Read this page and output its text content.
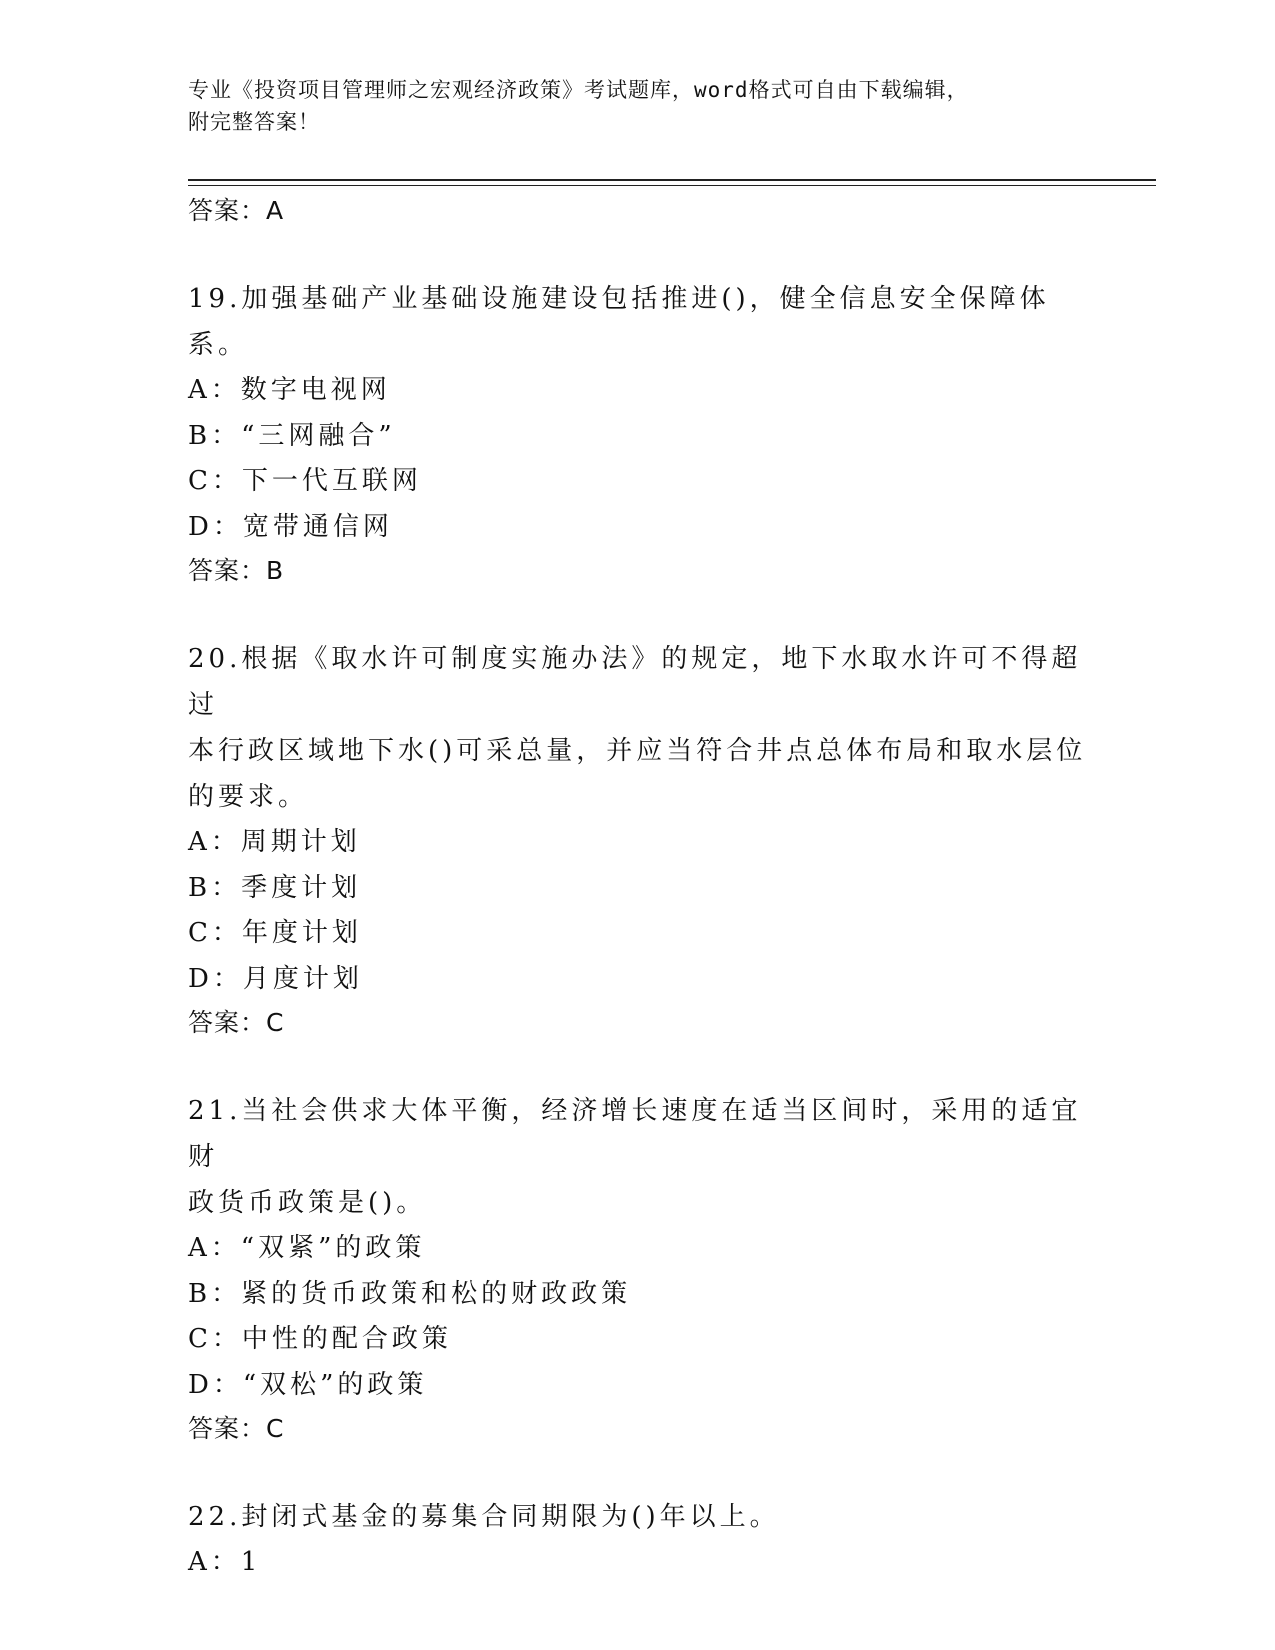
专业《投资项目管理师之宏观经济政策》考试题库，word格式可自由下载编辑，
附完整答案！

答案：A

19.加强基础产业基础设施建设包括推进()，健全信息安全保障体系。

A：数字电视网

B：“三网融合”

C：下一代互联网

D：宽带通信网

答案：B

20.根据《取水许可制度实施办法》的规定，地下水取水许可不得超过

本行政区域地下水()可采总量，并应当符合井点总体布局和取水层位

的要求。

A：周期计划

B：季度计划

C：年度计划

D：月度计划

答案：C

21.当社会供求大体平衡，经济增长速度在适当区间时，采用的适宜财

政货币政策是()。

A：“双紧”的政策

B：紧的货币政策和松的财政政策

C：中性的配合政策

D：“双松”的政策

答案：C

22.封闭式基金的募集合同期限为()年以上。

A：1
